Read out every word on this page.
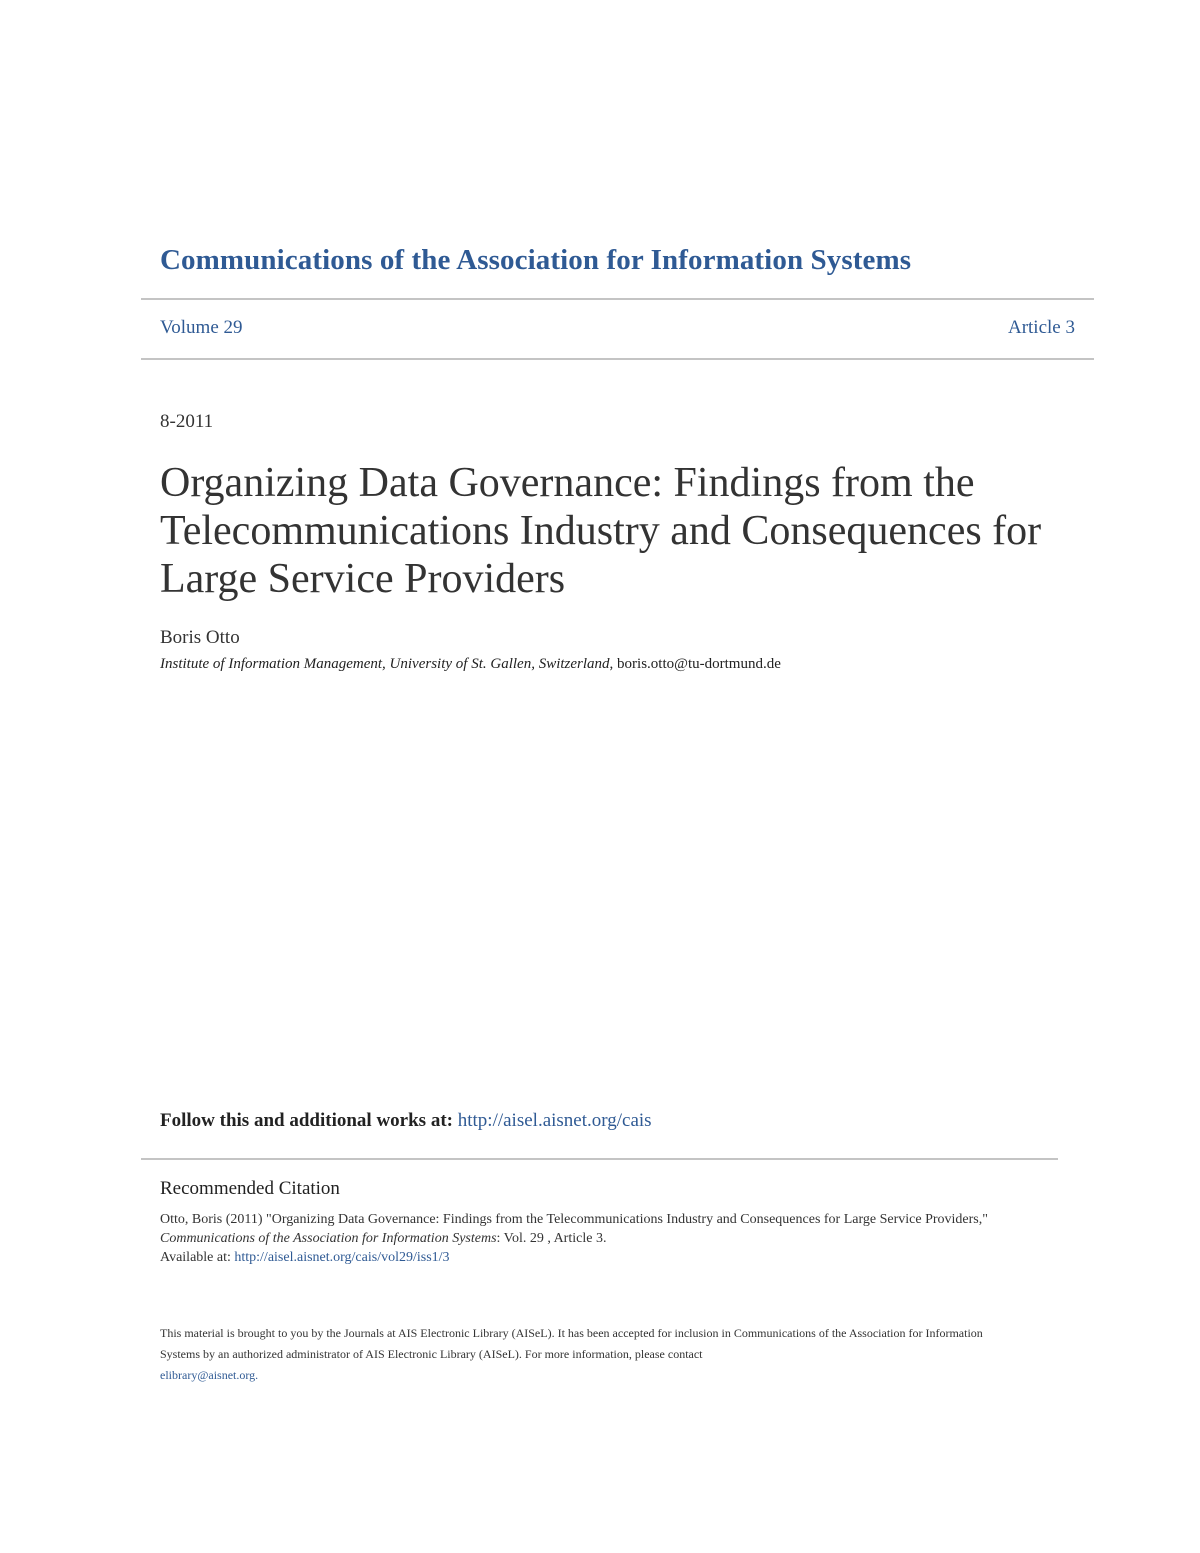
Communications of the Association for Information Systems
Volume 29	Article 3
8-2011
Organizing Data Governance: Findings from the Telecommunications Industry and Consequences for Large Service Providers
Boris Otto
Institute of Information Management, University of St. Gallen, Switzerland, boris.otto@tu-dortmund.de
Follow this and additional works at: http://aisel.aisnet.org/cais
Recommended Citation
Otto, Boris (2011) "Organizing Data Governance: Findings from the Telecommunications Industry and Consequences for Large Service Providers," Communications of the Association for Information Systems: Vol. 29 , Article 3.
Available at: http://aisel.aisnet.org/cais/vol29/iss1/3
This material is brought to you by the Journals at AIS Electronic Library (AISeL). It has been accepted for inclusion in Communications of the Association for Information Systems by an authorized administrator of AIS Electronic Library (AISeL). For more information, please contact
elibrary@aisnet.org.
